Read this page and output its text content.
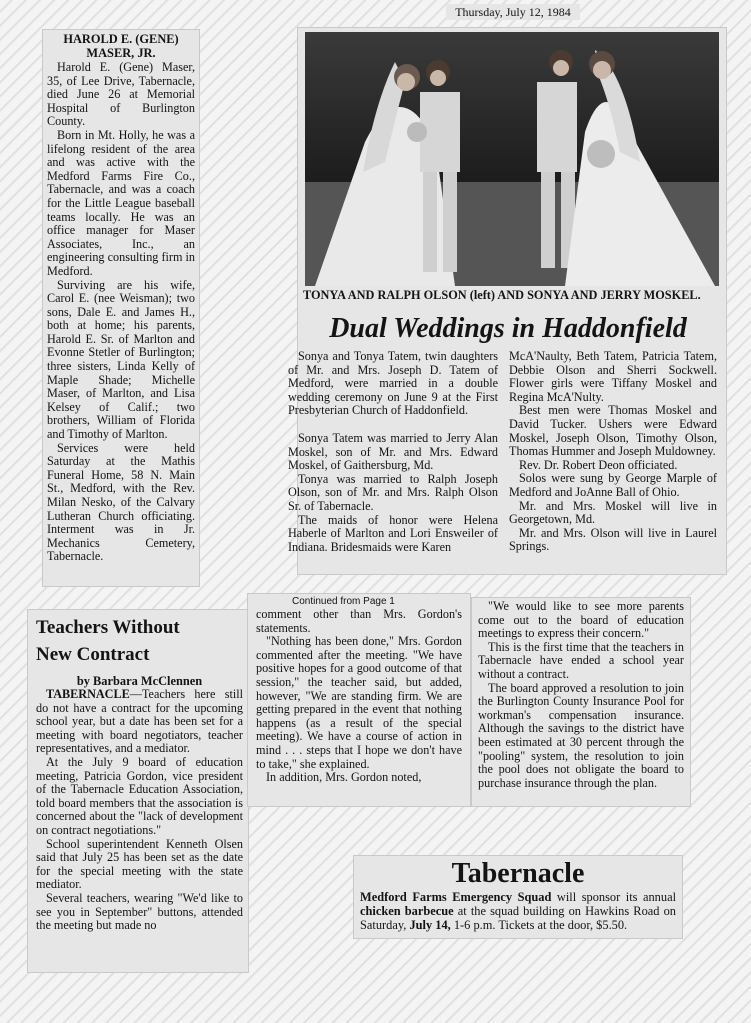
Thursday, July 12, 1984
HAROLD E. (GENE) MASER, JR.

Harold E. (Gene) Maser, 35, of Lee Drive, Tabernacle, died June 26 at Memorial Hospital of Burlington County.

Born in Mt. Holly, he was a lifelong resident of the area and was active with the Medford Farms Fire Co., Tabernacle, and was a coach for the Little League baseball teams locally. He was an office manager for Maser Associates, Inc., an engineering consulting firm in Medford.

Surviving are his wife, Carol E. (nee Weisman); two sons, Dale E. and James H., both at home; his parents, Harold E. Sr. of Marlton and Evonne Stetler of Burlington; three sisters, Linda Kelly of Maple Shade; Michelle Maser, of Marlton, and Lisa Kelsey of Calif.; two brothers, William of Florida and Timothy of Marlton.

Services were held Saturday at the Mathis Funeral Home, 58 N. Main St., Medford, with the Rev. Milan Nesko, of the Calvary Lutheran Church officiating. Interment was in Jr. Mechanics Cemetery, Tabernacle.

TONYA AND RALPH OLSON (left) AND SONYA AND JERRY MOSKEL.
Dual Weddings in Haddonfield

Sonya and Tonya Tatem, twin daughters of Mr. and Mrs. Joseph D. Tatem of Medford, were married in a double wedding ceremony on June 9 at the First Presbyterian Church of Haddonfield.

Sonya Tatem was married to Jerry Alan Moskel, son of Mr. and Mrs. Edward Moskel, of Gaithersburg, Md.

Tonya was married to Ralph Joseph Olson, son of Mr. and Mrs. Ralph Olson Sr. of Tabernacle.

The maids of honor were Helena Haberle of Marlton and Lori Ensweiler of Indiana. Bridesmaids were Karen

McA'Naulty, Beth Tatem, Patricia Tatem, Debbie Olson and Sherri Sockwell. Flower girls were Tiffany Moskel and Regina McA'Nulty.

Best men were Thomas Moskel and David Tucker. Ushers were Edward Moskel, Joseph Olson, Timothy Olson, Thomas Hummer and Joseph Muldowney.

Rev. Dr. Robert Deon officiated.

Solos were sung by George Marple of Medford and JoAnne Ball of Ohio.

Mr. and Mrs. Moskel will live in Georgetown, Md.

Mr. and Mrs. Olson will live in Laurel Springs.

Teachers Without
New Contract
by Barbara McClennen

TABERNACLE—Teachers here still do not have a contract for the upcoming school year, but a date has been set for a meeting with board negotiators, teacher representatives, and a mediator.

At the July 9 board of education meeting, Patricia Gordon, vice president of the Tabernacle Education Association, told board members that the association is concerned about the "lack of development on contract negotiations."

School superintendent Kenneth Olsen said that July 25 has been set as the date for the special meeting with the state mediator.

Several teachers, wearing "We'd like to see you in September" buttons, attended the meeting but made no

Continued from Page 1

comment other than Mrs. Gordon's statements.

"Nothing has been done," Mrs. Gordon commented after the meeting. "We have positive hopes for a good outcome of that session," the teacher said, but added, however, "We are standing firm. We are getting prepared in the event that nothing happens (as a result of the special meeting). We have a course of action in mind . . . steps that I hope we don't have to take," she explained.

In addition, Mrs. Gordon noted,

"We would like to see more parents come out to the board of education meetings to express their concern."

This is the first time that the teachers in Tabernacle have ended a school year without a contract.

The board approved a resolution to join the Burlington County Insurance Pool for workman's compensation insurance. Although the savings to the district have been estimated at 30 percent through the "pooling" system, the resolution to join the pool does not obligate the board to purchase insurance through the plan.

Tabernacle

Medford Farms Emergency Squad will sponsor its annual chicken barbecue at the squad building on Hawkins Road on Saturday, July 14, 1-6 p.m. Tickets at the door, $5.50.
